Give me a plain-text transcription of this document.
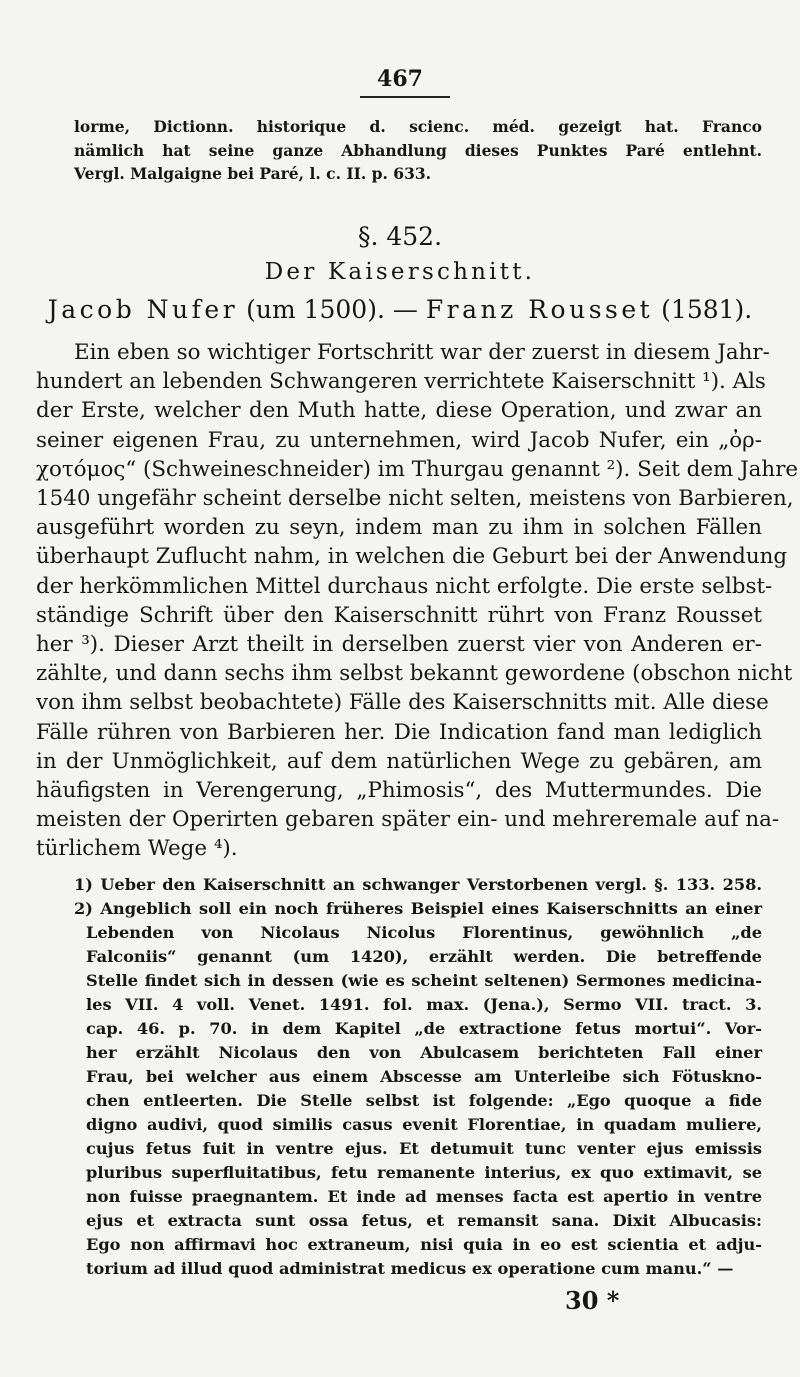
467
lorme, Dictionn. historique d. scienc. méd. gezeigt hat. Franco
nämlich hat seine ganze Abhandlung dieses Punktes Paré entlehnt.
Vergl. Malgaigne bei Paré, l. c. II. p. 633.
§. 452.
Der Kaiserschnitt.
Jacob Nufer (um 1500). — Franz Rousset (1581).
Ein eben so wichtiger Fortschritt war der zuerst in diesem Jahr-
hundert an lebenden Schwangeren verrichtete Kaiserschnitt ¹). Als
der Erste, welcher den Muth hatte, diese Operation, und zwar an
seiner eigenen Frau, zu unternehmen, wird Jacob Nufer, ein „ὀρ-
χοτόμος“ (Schweineschneider) im Thurgau genannt ²). Seit dem Jahre
1540 ungefähr scheint derselbe nicht selten, meistens von Barbieren,
ausgeführt worden zu seyn, indem man zu ihm in solchen Fällen
überhaupt Zuflucht nahm, in welchen die Geburt bei der Anwendung
der herkömmlichen Mittel durchaus nicht erfolgte. Die erste selbst-
ständige Schrift über den Kaiserschnitt rührt von Franz Rousset
her ³). Dieser Arzt theilt in derselben zuerst vier von Anderen er-
zählte, und dann sechs ihm selbst bekannt gewordene (obschon nicht
von ihm selbst beobachtete) Fälle des Kaiserschnitts mit. Alle diese
Fälle rühren von Barbieren her. Die Indication fand man lediglich
in der Unmöglichkeit, auf dem natürlichen Wege zu gebären, am
häufigsten in Verengerung, „Phimosis“, des Muttermundes. Die
meisten der Operirten gebaren später ein- und mehreremale auf na-
türlichem Wege ⁴).
1) Ueber den Kaiserschnitt an schwanger Verstorbenen vergl. §. 133. 258.
2) Angeblich soll ein noch früheres Beispiel eines Kaiserschnitts an einer
Lebenden von Nicolaus Nicolus Florentinus, gewöhnlich „de
Falconiis“ genannt (um 1420), erzählt werden. Die betreffende
Stelle findet sich in dessen (wie es scheint seltenen) Sermones medicina-
les VII. 4 voll. Venet. 1491. fol. max. (Jena.), Sermo VII. tract. 3.
cap. 46. p. 70. in dem Kapitel „de extractione fetus mortui“. Vor-
her erzählt Nicolaus den von Abulcasem berichteten Fall einer
Frau, bei welcher aus einem Abscesse am Unterleibe sich Fötuskno-
chen entleerten. Die Stelle selbst ist folgende: „Ego quoque a fide
digno audivi, quod similis casus evenit Florentiae, in quadam muliere,
cujus fetus fuit in ventre ejus. Et detumuit tunc venter ejus emissis
pluribus superfluitatibus, fetu remanente interius, ex quo extimavit, se
non fuisse praegnantem. Et inde ad menses facta est apertio in ventre
ejus et extracta sunt ossa fetus, et remansit sana. Dixit Albucasis:
Ego non affirmavi hoc extraneum, nisi quia in eo est scientia et adju-
torium ad illud quod administrat medicus ex operatione cum manu.“ —
30 *
